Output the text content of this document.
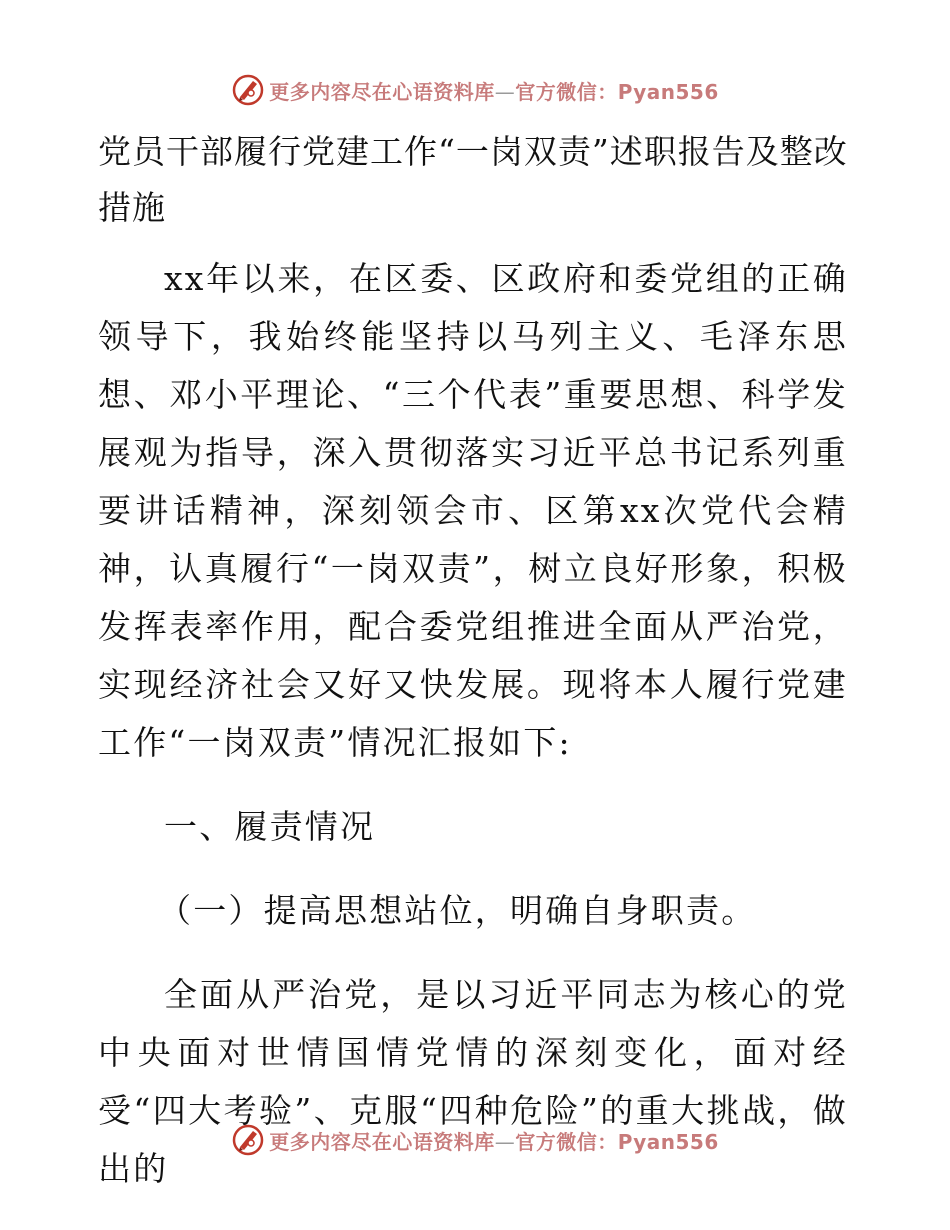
更多内容尽在心语资料库—官方微信：Pyan556
党员干部履行党建工作“一岗双责”述职报告及整改措施

xx年以来，在区委、区政府和委党组的正确领导下，我始终能坚持以马列主义、毛泽东思想、邓小平理论、“三个代表”重要思想、科学发展观为指导，深入贯彻落实习近平总书记系列重要讲话精神，深刻领会市、区第xx次党代会精神，认真履行“一岗双责”，树立良好形象，积极发挥表率作用，配合委党组推进全面从严治党，实现经济社会又好又快发展。现将本人履行党建工作“一岗双责”情况汇报如下:

一、履责情况

（一）提高思想站位，明确自身职责。

全面从严治党，是以习近平同志为核心的党中央面对世情国情党情的深刻变化，面对经受“四大考验”、克服“四种危险”的重大挑战，做出的

更多内容尽在心语资料库—官方微信：Pyan556
